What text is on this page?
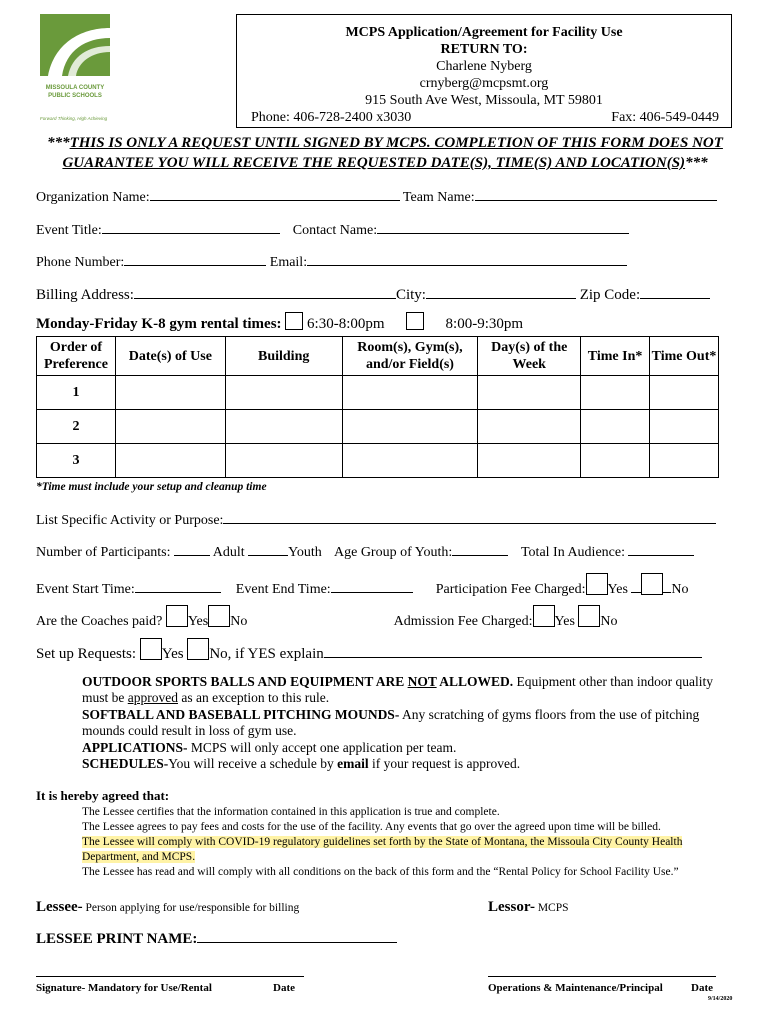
MISSOULA COUNTY
PUBLIC SCHOOLS
Forward Thinking, High Achieving
MCPS Application/Agreement for Facility Use
RETURN TO:
Charlene Nyberg
crnyberg@mcpsmt.org
915 South Ave West, Missoula, MT 59801
Phone: 406-728-2400 x3030	Fax: 406-549-0449
***THIS IS ONLY A REQUEST UNTIL SIGNED BY MCPS. COMPLETION OF THIS FORM DOES NOT GUARANTEE YOU WILL RECEIVE THE REQUESTED DATE(S), TIME(S) AND LOCATION(S)***
Organization Name:	Team Name:
Event Title:	Contact Name:
Phone Number:	Email:
Billing Address:	City:	Zip Code:
Monday-Friday K-8 gym rental times: 6:30-8:00pm	8:00-9:30pm
Order of Preference	Date(s) of Use	Building	Room(s), Gym(s), and/or Field(s)	Day(s) of the Week	Time In*	Time Out*
1						
2						
3						
*Time must include your setup and cleanup time
List Specific Activity or Purpose:
Number of Participants:	Adult	Youth Age Group of Youth:	Total In Audience:
Event Start Time:	Event End Time:	Participation Fee Charged: Yes	No
Are the Coaches paid? Yes No	Admission Fee Charged: Yes No
Set up Requests: Yes No, if YES explain
OUTDOOR SPORTS BALLS AND EQUIPMENT ARE NOT ALLOWED. Equipment other than indoor quality must be approved as an exception to this rule.
SOFTBALL AND BASEBALL PITCHING MOUNDS- Any scratching of gyms floors from the use of pitching mounds could result in loss of gym use.
APPLICATIONS- MCPS will only accept one application per team.
SCHEDULES-You will receive a schedule by email if your request is approved.
It is hereby agreed that:
The Lessee certifies that the information contained in this application is true and complete.
The Lessee agrees to pay fees and costs for the use of the facility. Any events that go over the agreed upon time will be billed.
The Lessee will comply with COVID-19 regulatory guidelines set forth by the State of Montana, the Missoula City County Health Department, and MCPS.
The Lessee has read and will comply with all conditions on the back of this form and the “Rental Policy for School Facility Use.”
Lessee- Person applying for use/responsible for billing	Lessor- MCPS
LESSEE PRINT NAME:
Signature- Mandatory for Use/Rental	Date	Operations & Maintenance/Principal	Date
9/14/2020
